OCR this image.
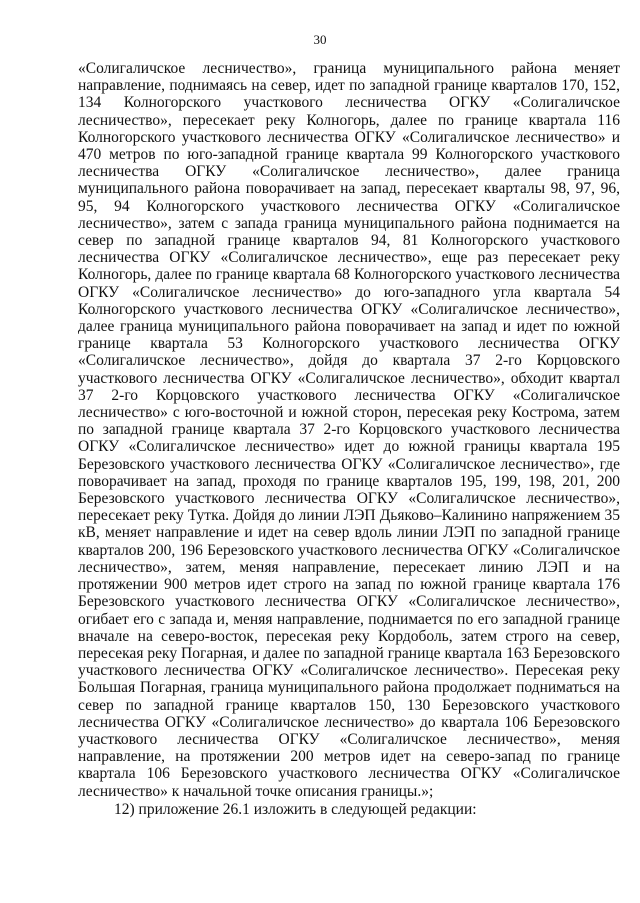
30

«Солигаличское лесничество», граница муниципального района меняет направление, поднимаясь на север, идет по западной границе кварталов 170, 152, 134 Колногорского участкового лесничества ОГКУ «Солигаличское лесничество», пересекает реку Колногорь, далее по границе квартала 116 Колногорского участкового лесничества ОГКУ «Солигаличское лесничество» и 470 метров по юго-западной границе квартала 99 Колногорского участкового лесничества ОГКУ «Солигаличское лесничество», далее граница муниципального района поворачивает на запад, пересекает кварталы 98, 97, 96, 95, 94 Колногорского участкового лесничества ОГКУ «Солигаличское лесничество», затем с запада граница муниципального района поднимается на север по западной границе кварталов 94, 81 Колногорского участкового лесничества ОГКУ «Солигаличское лесничество», еще раз пересекает реку Колногорь, далее по границе квартала 68 Колногорского участкового лесничества ОГКУ «Солигаличское лесничество» до юго-западного угла квартала 54 Колногорского участкового лесничества ОГКУ «Солигаличское лесничество», далее граница муниципального района поворачивает на запад и идет по южной границе квартала 53 Колногорского участкового лесничества ОГКУ «Солигаличское лесничество», дойдя до квартала 37 2-го Корцовского участкового лесничества ОГКУ «Солигаличское лесничество», обходит квартал 37 2-го Корцовского участкового лесничества ОГКУ «Солигаличское лесничество» с юго-восточной и южной сторон, пересекая реку Кострома, затем по западной границе квартала 37 2-го Корцовского участкового лесничества ОГКУ «Солигаличское лесничество» идет до южной границы квартала 195 Березовского участкового лесничества ОГКУ «Солигаличское лесничество», где поворачивает на запад, проходя по границе кварталов 195, 199, 198, 201, 200 Березовского участкового лесничества ОГКУ «Солигаличское лесничество», пересекает реку Тутка. Дойдя до линии ЛЭП Дьяково–Калинино напряжением 35 кВ, меняет направление и идет на север вдоль линии ЛЭП по западной границе кварталов 200, 196 Березовского участкового лесничества ОГКУ «Солигаличское лесничество», затем, меняя направление, пересекает линию ЛЭП и на протяжении 900 метров идет строго на запад по южной границе квартала 176 Березовского участкового лесничества ОГКУ «Солигаличское лесничество», огибает его с запада и, меняя направление, поднимается по его западной границе вначале на северо-восток, пересекая реку Кордоболь, затем строго на север, пересекая реку Погарная, и далее по западной границе квартала 163 Березовского участкового лесничества ОГКУ «Солигаличское лесничество». Пересекая реку Большая Погарная, граница муниципального района продолжает подниматься на север по западной границе кварталов 150, 130 Березовского участкового лесничества ОГКУ «Солигаличское лесничество» до квартала 106 Березовского участкового лесничества ОГКУ «Солигаличское лесничество», меняя направление, на протяжении 200 метров идет на северо-запад по границе квартала 106 Березовского участкового лесничества ОГКУ «Солигаличское лесничество» к начальной точке описания границы.»;

12) приложение 26.1 изложить в следующей редакции:
